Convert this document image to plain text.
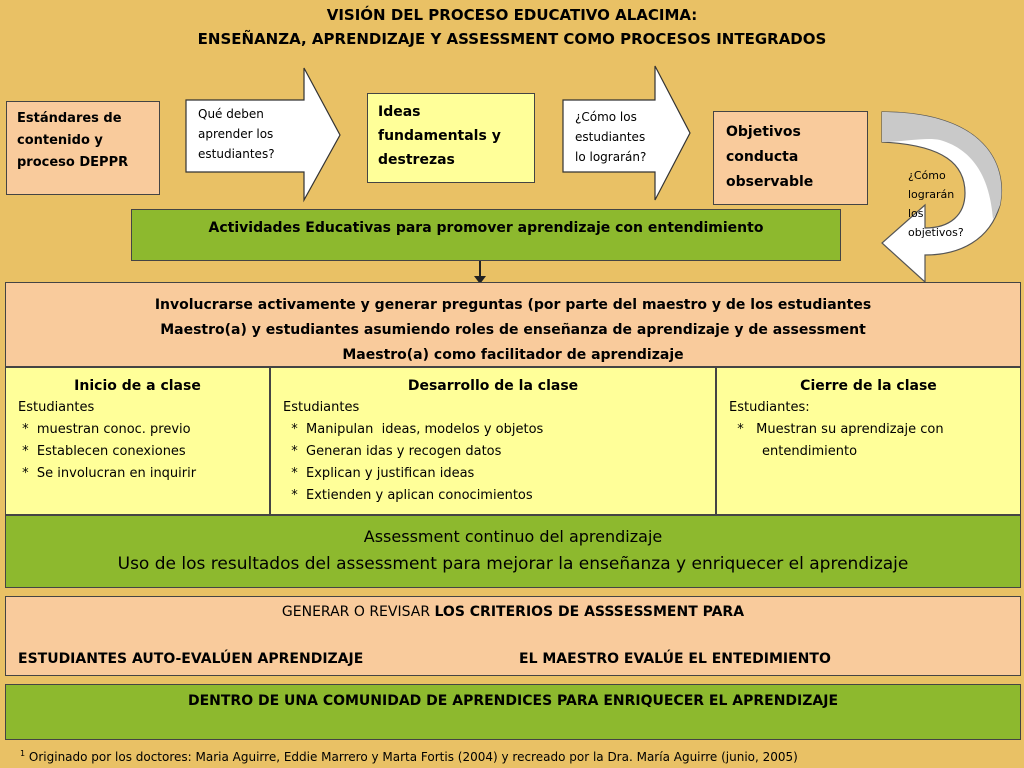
VISIÓN DEL PROCESO EDUCATIVO ALACIMA:
ENSEÑANZA, APRENDIZAJE Y ASSESSMENT COMO PROCESOS INTEGRADOS
Estándares de
contenido y
proceso DEPPR
Qué deben
aprender los
estudiantes?
Ideas
fundamentals y
destrezas
¿Cómo los
estudiantes
lo lograrán?
Objetivos
conducta
observable	¿Cómo
lograrán
los
objetivos?
Actividades Educativas para promover aprendizaje con entendimiento
Involucrarse activamente y generar preguntas (por parte del maestro y de los estudiantes
Maestro(a) y estudiantes asumiendo roles de enseñanza de aprendizaje y de assessment
Maestro(a) como facilitador de aprendizaje
Inicio de a clase
Estudiantes
*  muestran conoc. previo
*  Establecen conexiones
*  Se involucran en inquirir
Desarrollo de la clase
Estudiantes
*  Manipulan  ideas, modelos y objetos
*  Generan idas y recogen datos
*  Explican y justifican ideas
*  Extienden y aplican conocimientos
Cierre de la clase
Estudiantes:
*   Muestran su aprendizaje con
entendimiento
Assessment continuo del aprendizaje
Uso de los resultados del assessment para mejorar la enseñanza y enriquecer el aprendizaje
GENERAR O REVISAR LOS CRITERIOS DE ASSSESSMENT PARA
ESTUDIANTES AUTO-EVALÚEN APRENDIZAJE	EL MAESTRO EVALÚE EL ENTEDIMIENTO
DENTRO DE UNA COMUNIDAD DE APRENDICES PARA ENRIQUECER EL APRENDIZAJE
$^1$ Originado por los doctores: Maria Aguirre, Eddie Marrero y Marta Fortis (2004) y recreado por la Dra. María Aguirre (junio, 2005)
